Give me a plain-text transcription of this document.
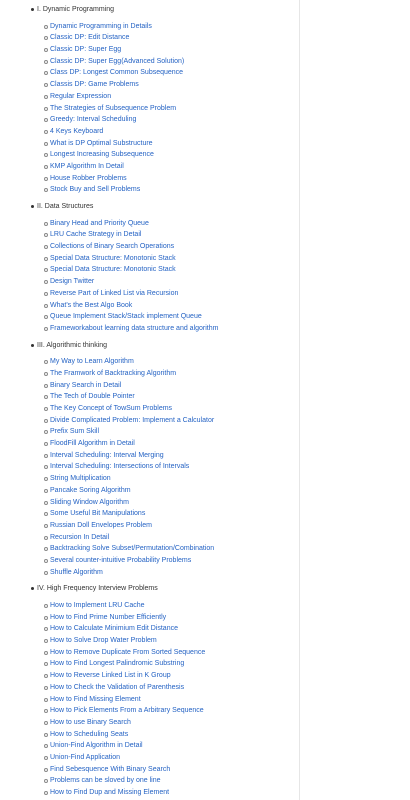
I. Dynamic Programming
Dynamic Programming in Details
Classic DP: Edit Distance
Classic DP: Super Egg
Classic DP: Super Egg(Advanced Solution)
Class DP: Longest Common Subsequence
Classis DP: Game Problems
Regular Expression
The Strategies of Subsequence Problem
Greedy: Interval Scheduling
4 Keys Keyboard
What is DP Optimal Substructure
Longest Increasing Subsequence
KMP Algorithm In Detail
House Robber Problems
Stock Buy and Sell Problems
II. Data Structures
Binary Head and Priority Queue
LRU Cache Strategy in Detail
Collections of Binary Search Operations
Special Data Structure: Monotonic Stack
Special Data Structure: Monotonic Stack
Design Twitter
Reverse Part of Linked List via Recursion
What's the Best Algo Book
Queue Implement Stack/Stack implement Queue
Frameworkabout learning data structure and algorithm
III. Algorithmic thinking
My Way to Learn Algorithm
The Framwork of Backtracking Algorithm
Binary Search in Detail
The Tech of Double Pointer
The Key Concept of TowSum Problems
Divide Complicated Problem: Implement a Calculator
Prefix Sum Skill
FloodFill Algorithm in Detail
Interval Scheduling: Interval Merging
Interval Scheduling: Intersections of Intervals
String Multiplication
Pancake Soring Algorithm
Sliding Window Algorithm
Some Useful Bit Manipulations
Russian Doll Envelopes Problem
Recursion In Detail
Backtracking Solve Subset/Permutation/Combination
Several counter-intuitive Probability Problems
Shuffle Algorithm
IV. High Frequency Interview Problems
How to Implement LRU Cache
How to Find Prime Number Efficiently
How to Calculate Minimium Edit Distance
How to Solve Drop Water Problem
How to Remove Duplicate From Sorted Sequence
How to Find Longest Palindromic Substring
How to Reverse Linked List in K Group
How to Check the Validation of Parenthesis
How to Find Missing Element
How to Pick Elements From a Arbitrary Sequence
How to use Binary Search
How to Scheduling Seats
Union-Find Algorithm in Detail
Union-Find Application
Find Sebesquence With Binary Search
Problems can be sloved by one line
How to Find Dup and Missing Element
